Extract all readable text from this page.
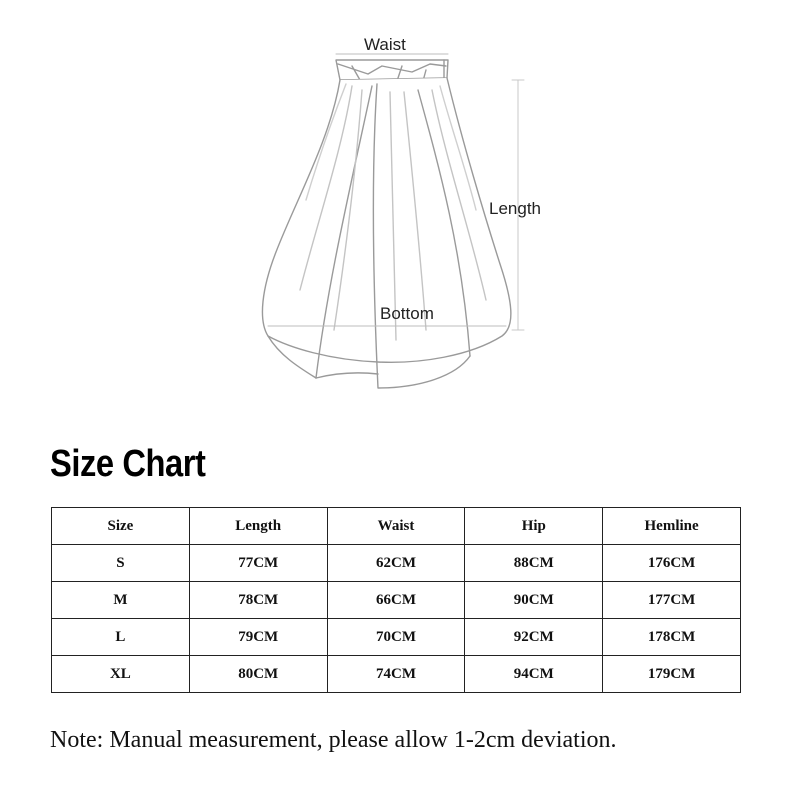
Waist
Length
Bottom
Size Chart
Size	Length	Waist	Hip	Hemline
S	77CM	62CM	88CM	176CM
M	78CM	66CM	90CM	177CM
L	79CM	70CM	92CM	178CM
XL	80CM	74CM	94CM	179CM
Note: Manual measurement, please allow 1-2cm deviation.
